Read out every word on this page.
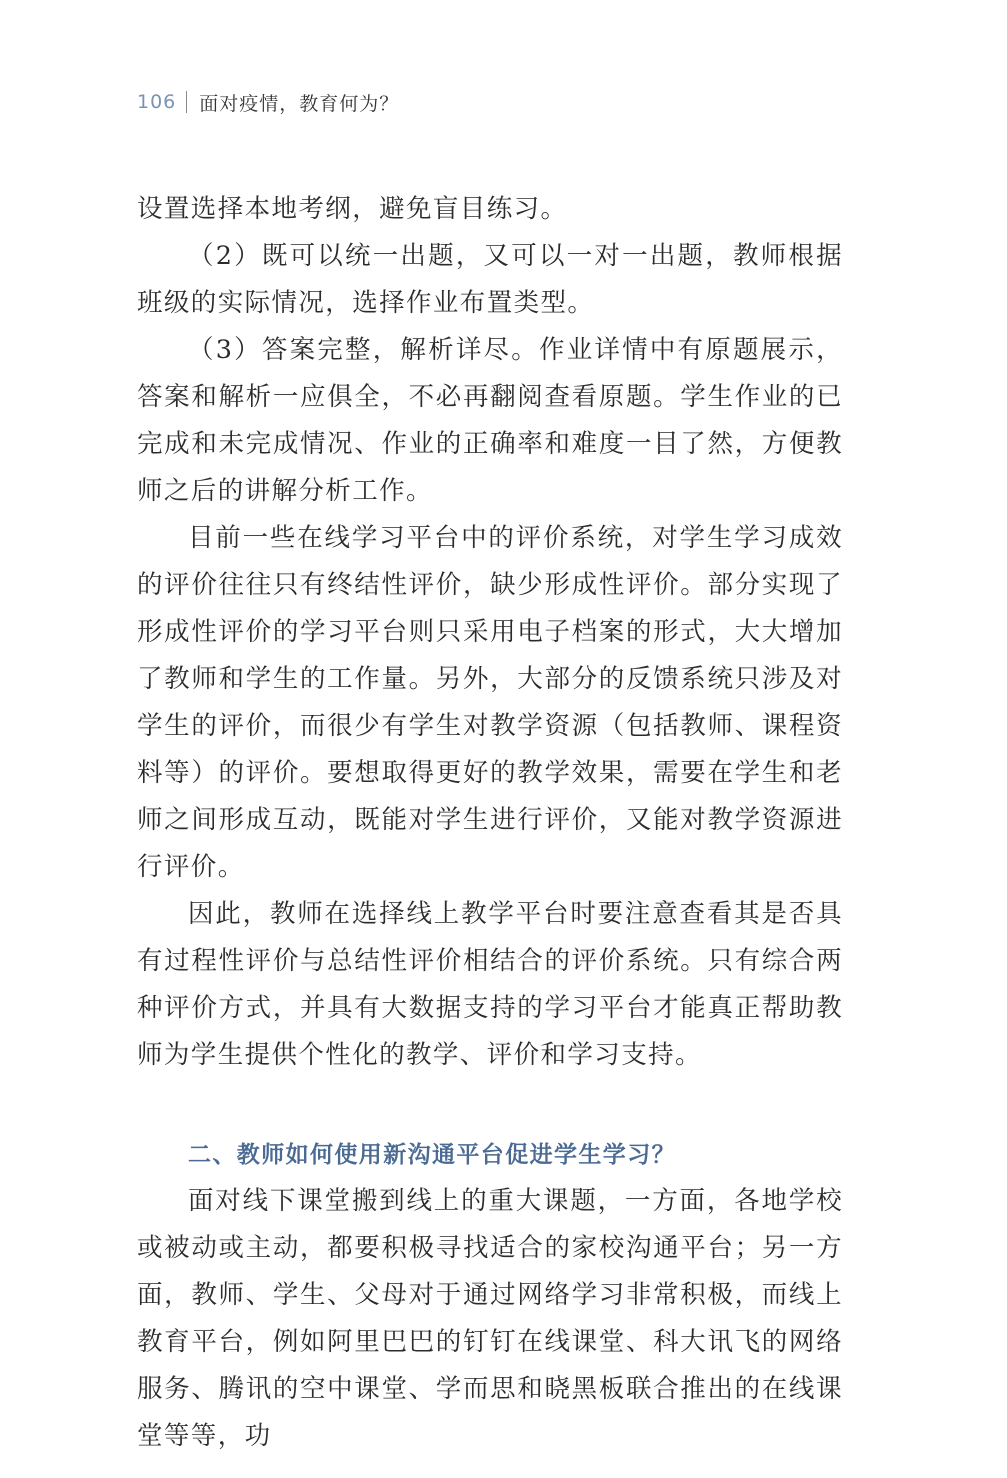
106 面对疫情，教育何为？

设置选择本地考纲，避免盲目练习。

（2）既可以统一出题，又可以一对一出题，教师根据班级的实际情况，选择作业布置类型。

（3）答案完整，解析详尽。作业详情中有原题展示，答案和解析一应俱全，不必再翻阅查看原题。学生作业的已完成和未完成情况、作业的正确率和难度一目了然，方便教师之后的讲解分析工作。

目前一些在线学习平台中的评价系统，对学生学习成效的评价往往只有终结性评价，缺少形成性评价。部分实现了形成性评价的学习平台则只采用电子档案的形式，大大增加了教师和学生的工作量。另外，大部分的反馈系统只涉及对学生的评价，而很少有学生对教学资源（包括教师、课程资料等）的评价。要想取得更好的教学效果，需要在学生和老师之间形成互动，既能对学生进行评价，又能对教学资源进行评价。

因此，教师在选择线上教学平台时要注意查看其是否具有过程性评价与总结性评价相结合的评价系统。只有综合两种评价方式，并具有大数据支持的学习平台才能真正帮助教师为学生提供个性化的教学、评价和学习支持。

二、教师如何使用新沟通平台促进学生学习？

面对线下课堂搬到线上的重大课题，一方面，各地学校或被动或主动，都要积极寻找适合的家校沟通平台；另一方面，教师、学生、父母对于通过网络学习非常积极，而线上教育平台，例如阿里巴巴的钉钉在线课堂、科大讯飞的网络服务、腾讯的空中课堂、学而思和晓黑板联合推出的在线课堂等等，功
